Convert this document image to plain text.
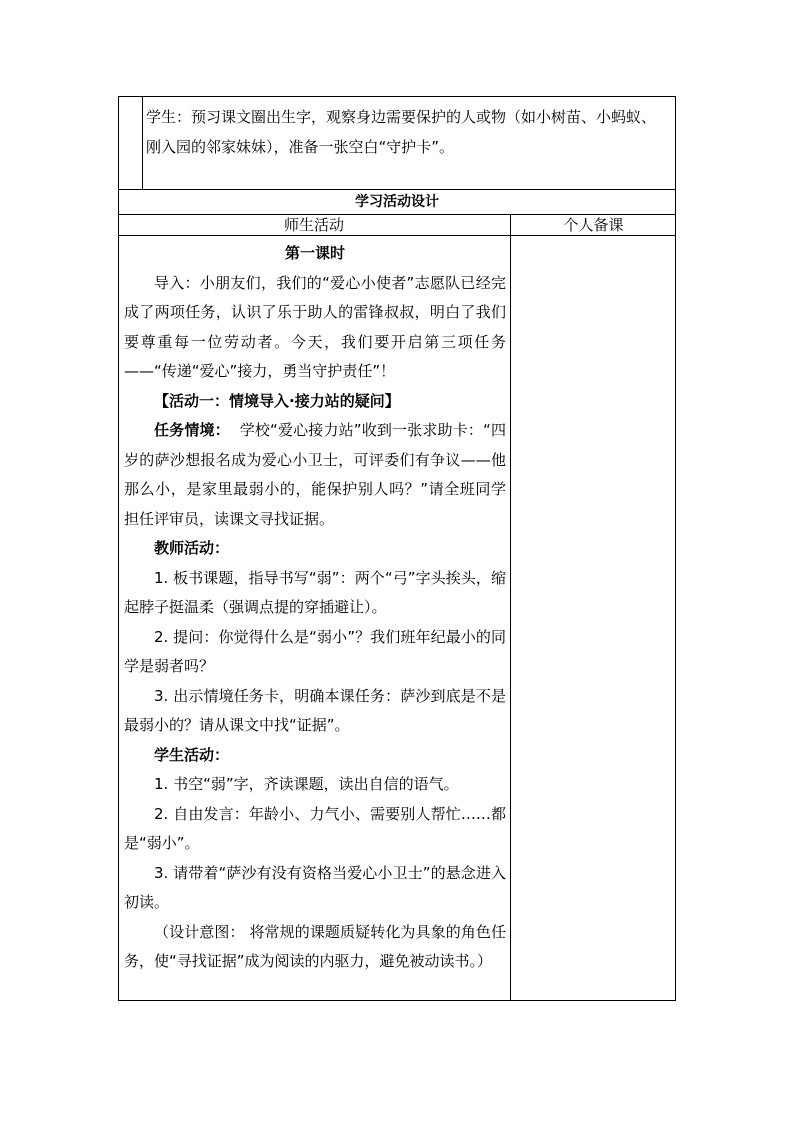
学生：预习课文圈出生字，观察身边需要保护的人或物（如小树苗、小蚂蚁、刚入园的邻家妹妹），准备一张空白“守护卡”。
学习活动设计
师生活动	个人备课

第一课时

导入：小朋友们，我们的“爱心小使者”志愿队已经完成了两项任务，认识了乐于助人的雷锋叔叔，明白了我们要尊重每一位劳动者。今天，我们要开启第三项任务——“传递“爱心”接力，勇当守护责任”！

【活动一：情境导入·接力站的疑问】

任务情境： 学校“爱心接力站”收到一张求助卡：“四岁的萨沙想报名成为爱心小卫士，可评委们有争议——他那么小，是家里最弱小的，能保护别人吗？”请全班同学担任评审员，读课文寻找证据。

教师活动：

1. 板书课题，指导书写“弱”：两个“弓”字头挨头，缩起脖子挺温柔（强调点提的穿插避让）。

2. 提问：你觉得什么是“弱小”？我们班年纪最小的同学是弱者吗？

3. 出示情境任务卡，明确本课任务：萨沙到底是不是最弱小的？请从课文中找“证据”。

学生活动：

1. 书空“弱”字，齐读课题，读出自信的语气。

2. 自由发言：年龄小、力气小、需要别人帮忙……都是“弱小”。

3. 请带着“萨沙有没有资格当爱心小卫士”的悬念进入初读。

（设计意图： 将常规的课题质疑转化为具象的角色任务，使“寻找证据”成为阅读的内驱力，避免被动读书。）
